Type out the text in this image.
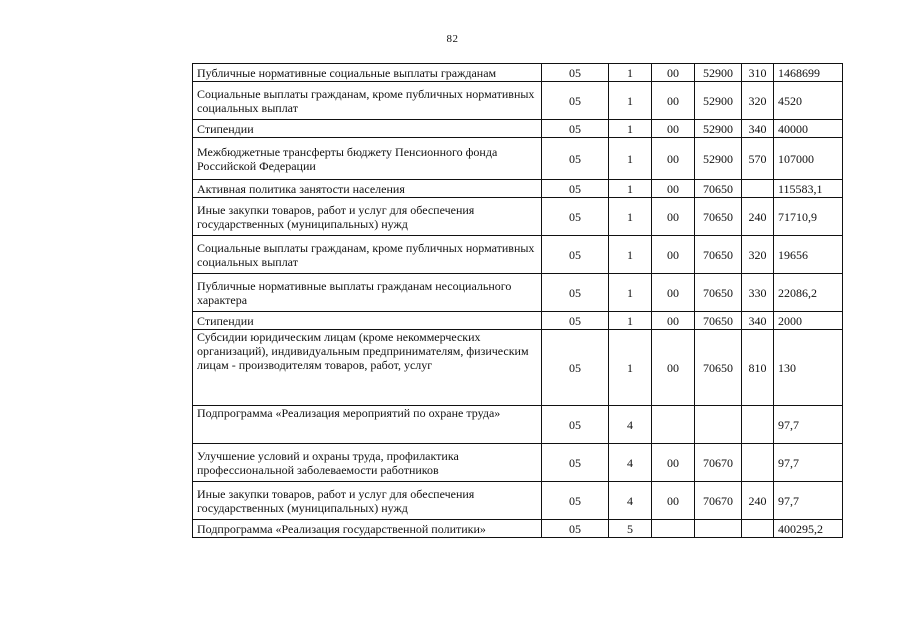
82
Публичные нормативные социальные выплаты гражданам	05	1	00	52900	310	1468699
Социальные выплаты гражданам, кроме публичных нормативных социальных выплат	05	1	00	52900	320	4520
Стипендии	05	1	00	52900	340	40000
Межбюджетные трансферты бюджету Пенсионного фонда Российской Федерации	05	1	00	52900	570	107000
Активная политика занятости населения	05	1	00	70650		115583,1
Иные закупки товаров, работ и услуг для обеспечения государственных (муниципальных) нужд	05	1	00	70650	240	71710,9
Социальные выплаты гражданам, кроме публичных нормативных социальных выплат	05	1	00	70650	320	19656
Публичные нормативные выплаты гражданам несоциального характера	05	1	00	70650	330	22086,2
Стипендии	05	1	00	70650	340	2000
Субсидии юридическим лицам (кроме некоммерческих организаций), индивидуальным предпринимателям, физическим лицам - производителям товаров, работ, услуг	05	1	00	70650	810	130
Подпрограмма «Реализация мероприятий по охране труда»	05	4				97,7
Улучшение условий и охраны труда, профилактика профессиональной заболеваемости работников	05	4	00	70670		97,7
Иные закупки товаров, работ и услуг для обеспечения государственных (муниципальных) нужд	05	4	00	70670	240	97,7
Подпрограмма «Реализация государственной политики»	05	5				400295,2
